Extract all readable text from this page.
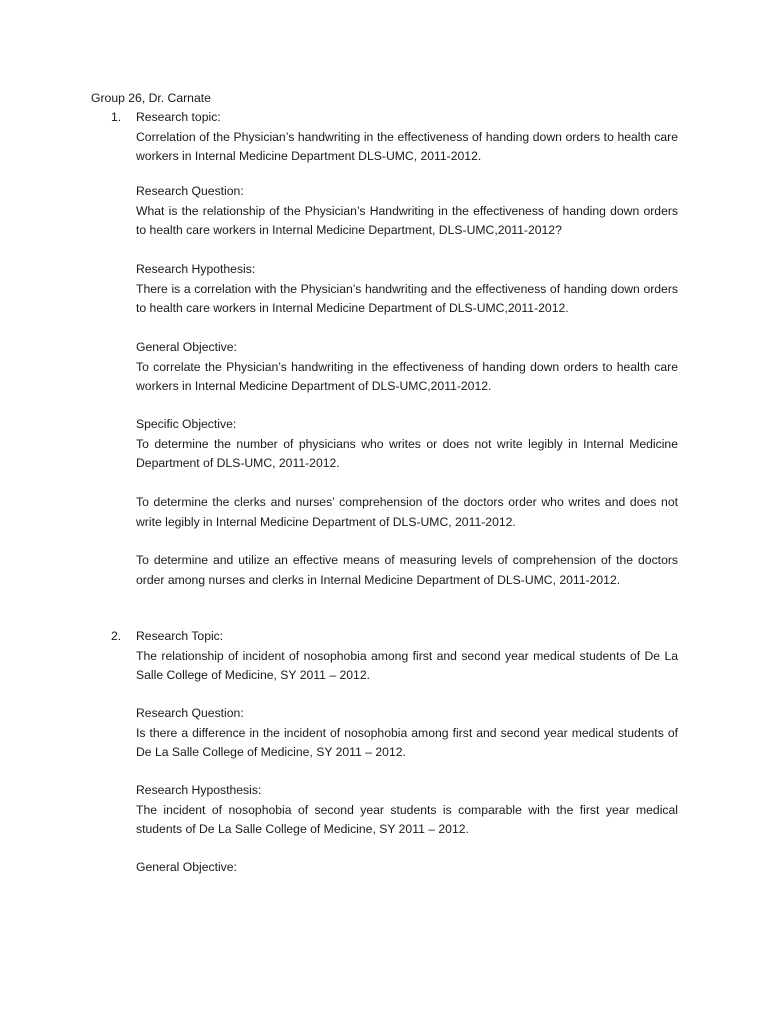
Group 26, Dr. Carnate
1. Research topic:
Correlation of the Physician’s handwriting in the effectiveness of handing down orders to health care workers in Internal Medicine Department DLS-UMC, 2011-2012.
Research Question:
What is the relationship of the Physician’s Handwriting in the effectiveness of handing down orders to health care workers in Internal Medicine Department, DLS-UMC,2011-2012?
Research Hypothesis:
There is a correlation with the Physician’s handwriting and the effectiveness of handing down orders to health care workers in Internal Medicine Department of DLS-UMC,2011-2012.
General Objective:
To correlate the Physician’s handwriting in the effectiveness of handing down orders to health care workers in Internal Medicine Department of DLS-UMC,2011-2012.
Specific Objective:
To determine the number of physicians who writes or does not write legibly in Internal Medicine Department of DLS-UMC, 2011-2012.
To determine the clerks and nurses’ comprehension of the doctors order who writes and does not write legibly in Internal Medicine Department of DLS-UMC, 2011-2012.
To determine and utilize an effective means of measuring levels of comprehension of the doctors order among nurses and clerks in Internal Medicine Department of DLS-UMC, 2011-2012.
2. Research Topic:
The relationship of incident of nosophobia among first and second year medical students of De La Salle College of Medicine, SY 2011 – 2012.
Research Question:
Is there a difference in the incident of nosophobia among first and second year medical students of De La Salle College of Medicine, SY 2011 – 2012.
Research Hyposthesis:
The incident of nosophobia of second year students is comparable with the first year medical students of De La Salle College of Medicine, SY 2011 – 2012.
General Objective:
